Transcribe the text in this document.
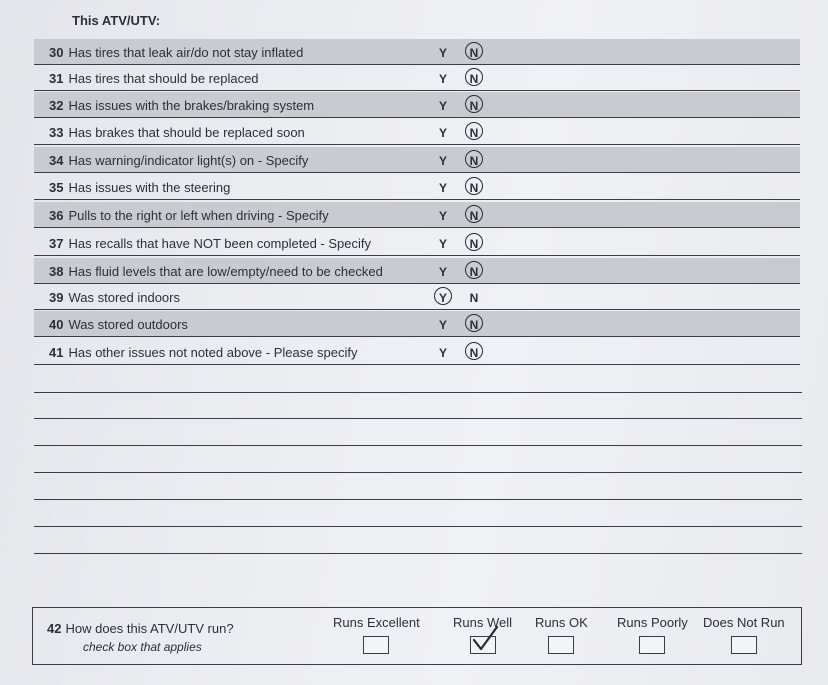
This ATV/UTV:
30 Has tires that leak air/do not stay inflated	Y N
31 Has tires that should be replaced	Y N
32 Has issues with the brakes/braking system	Y N
33 Has brakes that should be replaced soon	Y N
34 Has warning/indicator light(s) on - Specify	Y N
35 Has issues with the steering	Y N
36 Pulls to the right or left when driving - Specify	Y N
37 Has recalls that have NOT been completed - Specify	Y N
38 Has fluid levels that are low/empty/need to be checked	Y N
39 Was stored indoors	Y N
40 Was stored outdoors	Y N
41 Has other issues not noted above - Please specify	Y N
42 How does this ATV/UTV run?
check box that applies
Runs Excellent	Runs Well Runs OK Runs Poorly Does Not Run
